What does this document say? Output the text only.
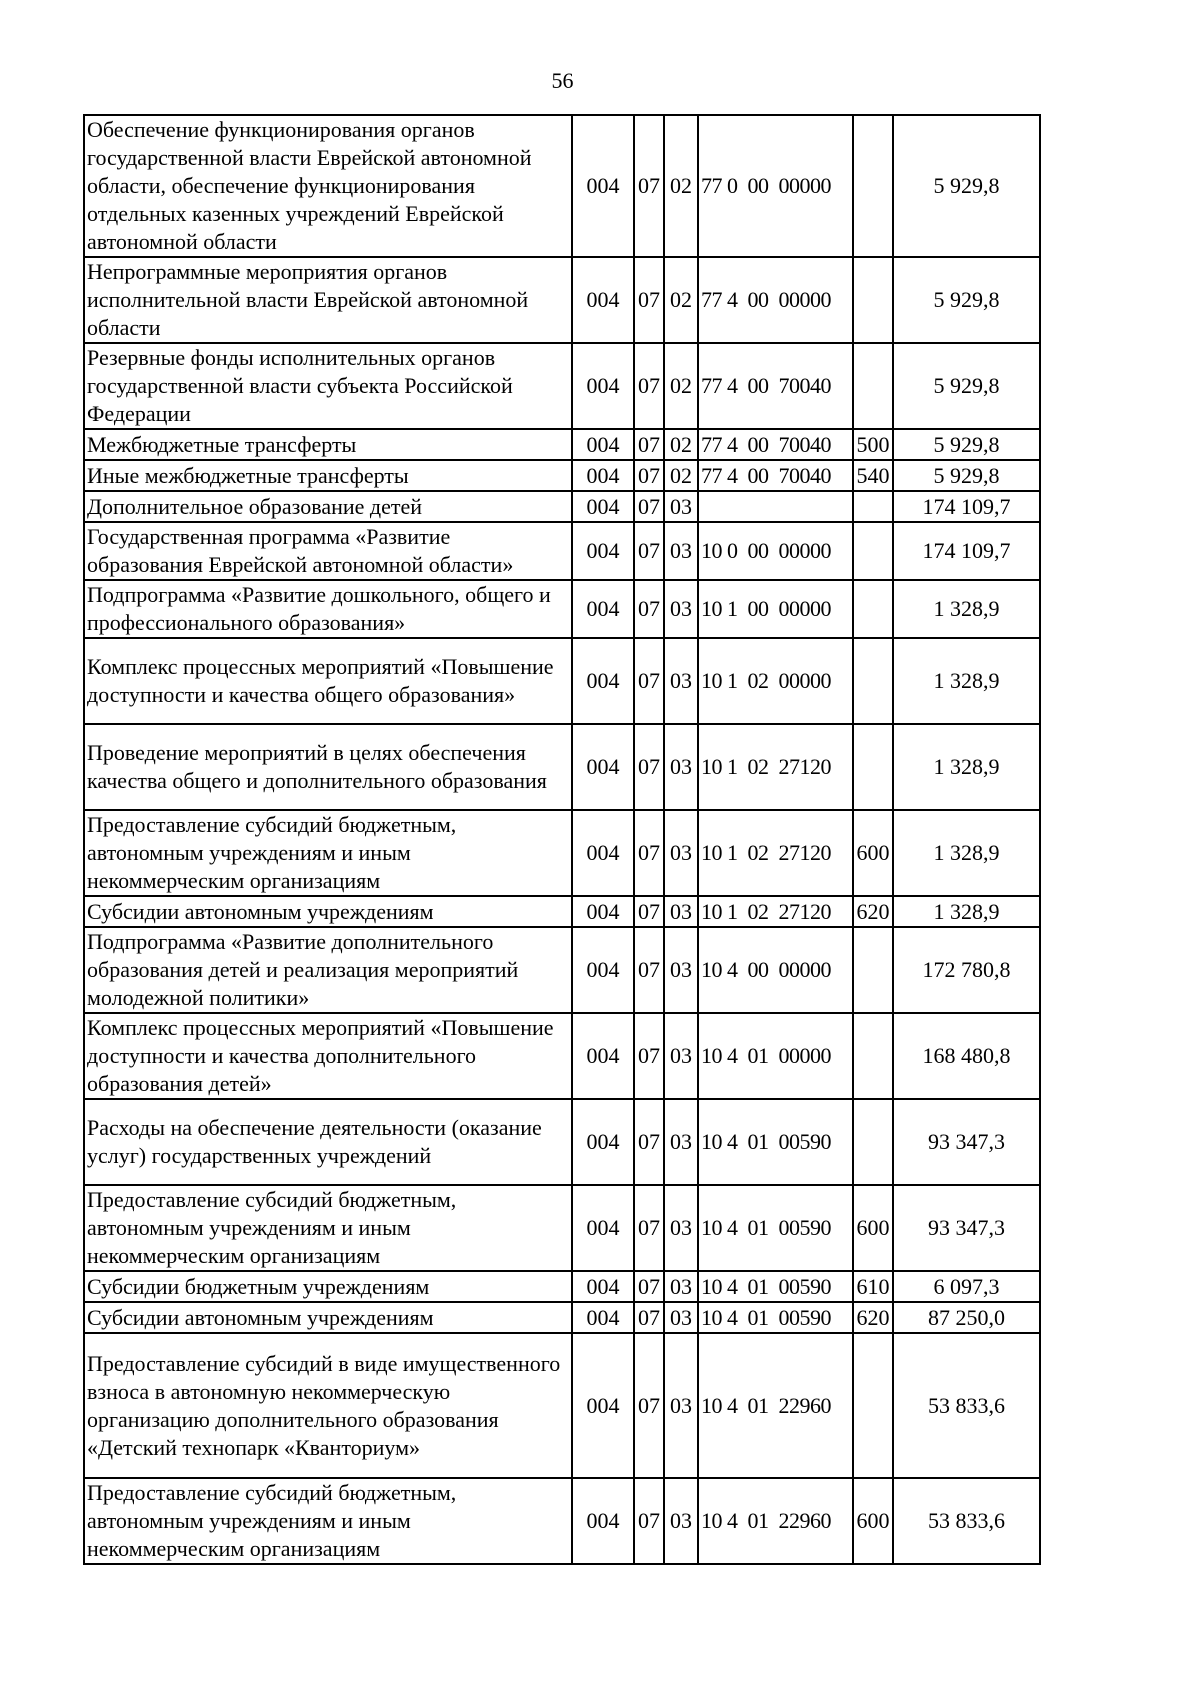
56
Обеспечение функционирования органов государственной власти Еврейской автономной области, обеспечение функционирования отдельных казенных учреждений Еврейской автономной области	004	07	02	77 0  00  00000		5 929,8
Непрограммные мероприятия органов исполнительной власти Еврейской автономной области	004	07	02	77 4  00  00000		5 929,8
Резервные фонды исполнительных органов государственной власти субъекта Российской Федерации	004	07	02	77 4  00  70040		5 929,8
Межбюджетные трансферты	004	07	02	77 4  00  70040	500	5 929,8
Иные межбюджетные трансферты	004	07	02	77 4  00  70040	540	5 929,8
Дополнительное образование детей	004	07	03			174 109,7
Государственная программа «Развитие образования Еврейской автономной области»	004	07	03	10 0  00  00000		174 109,7
Подпрограмма «Развитие дошкольного, общего и профессионального образования»	004	07	03	10 1  00  00000		1 328,9
Комплекс процессных мероприятий «Повышение доступности и качества общего образования»	004	07	03	10 1  02  00000		1 328,9
Проведение мероприятий в целях обеспечения качества общего и дополнительного образования	004	07	03	10 1  02  27120		1 328,9
Предоставление субсидий бюджетным, автономным учреждениям и иным некоммерческим организациям	004	07	03	10 1  02  27120	600	1 328,9
Субсидии автономным учреждениям	004	07	03	10 1  02  27120	620	1 328,9
Подпрограмма «Развитие дополнительного образования детей и реализация мероприятий молодежной политики»	004	07	03	10 4  00  00000		172 780,8
Комплекс процессных мероприятий «Повышение доступности и качества дополнительного образования детей»	004	07	03	10 4  01  00000		168 480,8
Расходы на обеспечение деятельности (оказание услуг) государственных учреждений	004	07	03	10 4  01  00590		93 347,3
Предоставление субсидий бюджетным, автономным учреждениям и иным некоммерческим организациям	004	07	03	10 4  01  00590	600	93 347,3
Субсидии бюджетным учреждениям	004	07	03	10 4  01  00590	610	6 097,3
Субсидии автономным учреждениям	004	07	03	10 4  01  00590	620	87 250,0
Предоставление субсидий в виде имущественного взноса в автономную некоммерческую организацию дополнительного образования «Детский технопарк «Кванториум»	004	07	03	10 4  01  22960		53 833,6
Предоставление субсидий бюджетным, автономным учреждениям и иным некоммерческим организациям	004	07	03	10 4  01  22960	600	53 833,6
